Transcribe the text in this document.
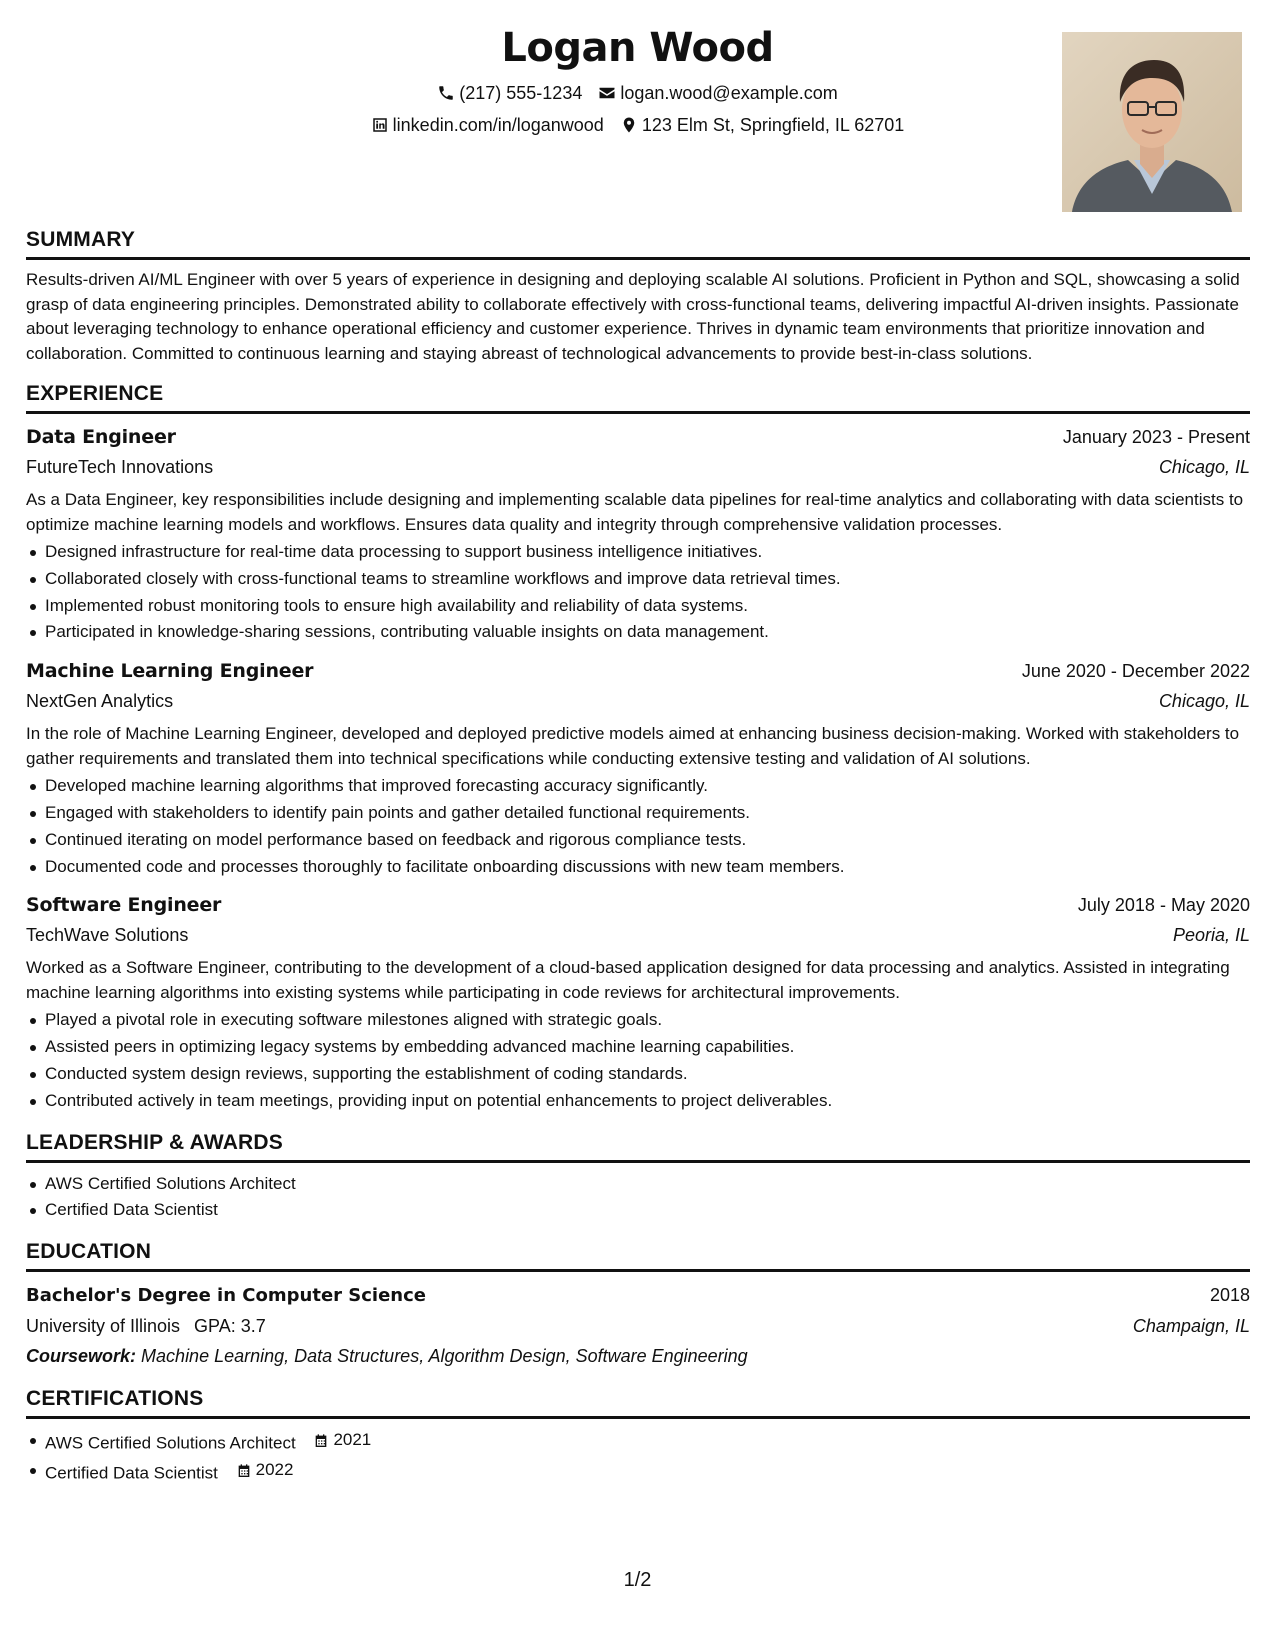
Logan Wood
(217) 555-1234 logan.wood@example.com
linkedin.com/in/loganwood 123 Elm St, Springfield, IL 62701
SUMMARY

Results-driven AI/ML Engineer with over 5 years of experience in designing and deploying scalable AI solutions. Proficient in Python and SQL, showcasing a solid grasp of data engineering principles. Demonstrated ability to collaborate effectively with cross-functional teams, delivering impactful AI-driven insights. Passionate about leveraging technology to enhance operational efficiency and customer experience. Thrives in dynamic team environments that prioritize innovation and collaboration. Committed to continuous learning and staying abreast of technological advancements to provide best-in-class solutions.

EXPERIENCE
Data Engineer	January 2023 - Present
FutureTech Innovations	Chicago, IL

As a Data Engineer, key responsibilities include designing and implementing scalable data pipelines for real-time analytics and collaborating with data scientists to optimize machine learning models and workflows. Ensures data quality and integrity through comprehensive validation processes.

Designed infrastructure for real-time data processing to support business intelligence initiatives.
Collaborated closely with cross-functional teams to streamline workflows and improve data retrieval times.
Implemented robust monitoring tools to ensure high availability and reliability of data systems.
Participated in knowledge-sharing sessions, contributing valuable insights on data management.
Machine Learning Engineer	June 2020 - December 2022
NextGen Analytics	Chicago, IL

In the role of Machine Learning Engineer, developed and deployed predictive models aimed at enhancing business decision-making. Worked with stakeholders to gather requirements and translated them into technical specifications while conducting extensive testing and validation of AI solutions.

Developed machine learning algorithms that improved forecasting accuracy significantly.
Engaged with stakeholders to identify pain points and gather detailed functional requirements.
Continued iterating on model performance based on feedback and rigorous compliance tests.
Documented code and processes thoroughly to facilitate onboarding discussions with new team members.
Software Engineer	July 2018 - May 2020
TechWave Solutions	Peoria, IL

Worked as a Software Engineer, contributing to the development of a cloud-based application designed for data processing and analytics. Assisted in integrating machine learning algorithms into existing systems while participating in code reviews for architectural improvements.

Played a pivotal role in executing software milestones aligned with strategic goals.
Assisted peers in optimizing legacy systems by embedding advanced machine learning capabilities.
Conducted system design reviews, supporting the establishment of coding standards.
Contributed actively in team meetings, providing input on potential enhancements to project deliverables.
LEADERSHIP & AWARDS
AWS Certified Solutions Architect
Certified Data Scientist
EDUCATION
Bachelor's Degree in Computer Science	2018
University of Illinois GPA: 3.7	Champaign, IL
Coursework: Machine Learning, Data Structures, Algorithm Design, Software Engineering
CERTIFICATIONS
AWS Certified Solutions Architect 2021
Certified Data Scientist 2022
1/2
